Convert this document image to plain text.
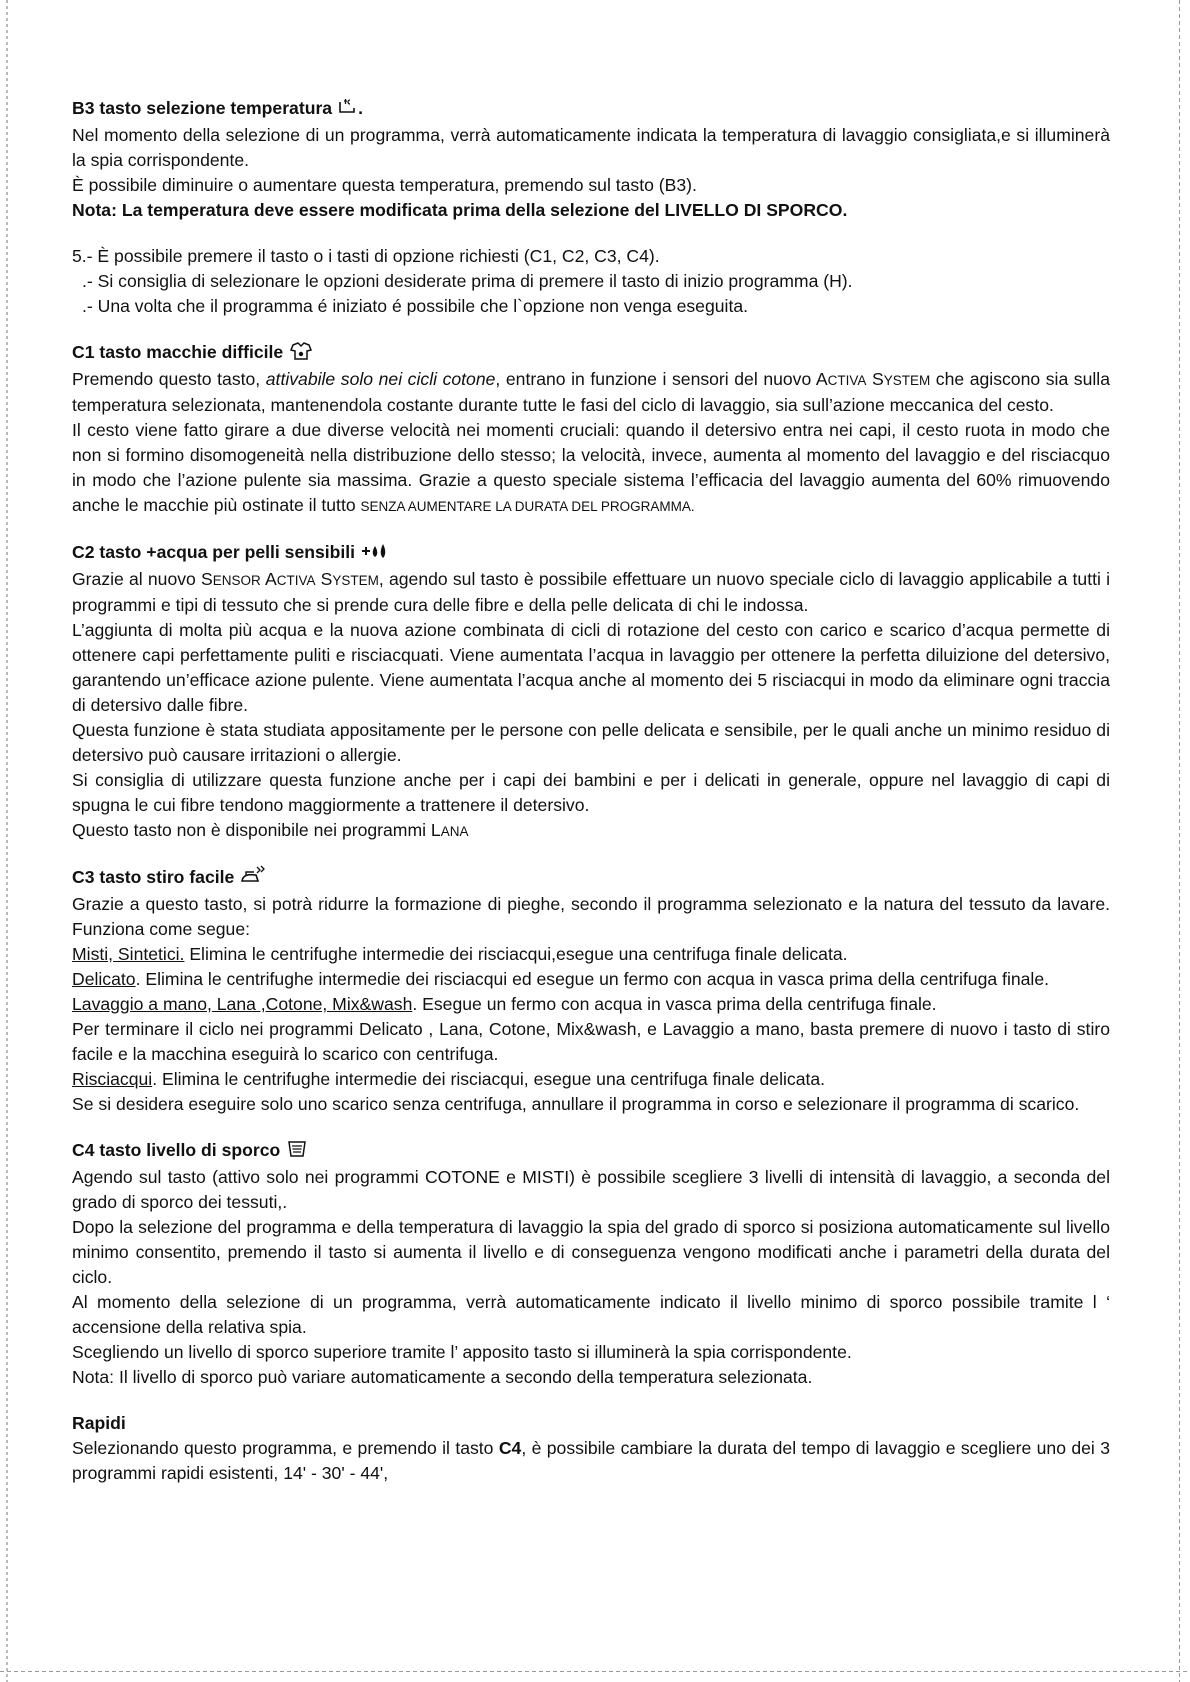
B3 tasto selezione temperatura .

Nel momento della selezione di un programma, verrà automaticamente indicata la temperatura di lavaggio consigliata,e si illuminerà la spia corrispondente.

È possibile diminuire o aumentare questa temperatura, premendo sul tasto (B3).

Nota: La temperatura deve essere modificata prima della selezione del LIVELLO DI SPORCO.

5.- È possibile premere il tasto o i tasti di opzione richiesti (C1, C2, C3, C4).

.- Si consiglia di selezionare le opzioni desiderate prima di premere il tasto di inizio programma (H).
.- Una volta che il programma é iniziato é possibile che l`opzione non venga eseguita.
C1 tasto macchie difficile

Premendo questo tasto, attivabile solo nei cicli cotone, entrano in funzione i sensori del nuovo ACTIVA SYSTEM che agiscono sia sulla temperatura selezionata, mantenendola costante durante tutte le fasi del ciclo di lavaggio, sia sull’azione meccanica del cesto.

Il cesto viene fatto girare a due diverse velocità nei momenti cruciali: quando il detersivo entra nei capi, il cesto ruota in modo che non si formino disomogeneità nella distribuzione dello stesso; la velocità, invece, aumenta al momento del lavaggio e del risciacquo in modo che l’azione pulente sia massima. Grazie a questo speciale sistema l’efficacia del lavaggio aumenta del 60% rimuovendo anche le macchie più ostinate il tutto SENZA AUMENTARE LA DURATA DEL PROGRAMMA.

C2 tasto +acqua per pelli sensibili

Grazie al nuovo SENSOR ACTIVA SYSTEM, agendo sul tasto è possibile effettuare un nuovo speciale ciclo di lavaggio applicabile a tutti i programmi e tipi di tessuto che si prende cura delle fibre e della pelle delicata di chi le indossa.

L’aggiunta di molta più acqua e la nuova azione combinata di cicli di rotazione del cesto con carico e scarico d’acqua permette di ottenere capi perfettamente puliti e risciacquati. Viene aumentata l’acqua in lavaggio per ottenere la perfetta diluizione del detersivo, garantendo un’efficace azione pulente. Viene aumentata l’acqua anche al momento dei 5 risciacqui in modo da eliminare ogni traccia di detersivo dalle fibre.

Questa funzione è stata studiata appositamente per le persone con pelle delicata e sensibile, per le quali anche un minimo residuo di detersivo può causare irritazioni o allergie.

Si consiglia di utilizzare questa funzione anche per i capi dei bambini e per i delicati in generale, oppure nel lavaggio di capi di spugna le cui fibre tendono maggiormente a trattenere il detersivo.

Questo tasto non è disponibile nei programmi LANA

C3 tasto stiro facile

Grazie a questo tasto, si potrà ridurre la formazione di pieghe, secondo il programma selezionato e la natura del tessuto da lavare. Funziona come segue:

Misti, Sintetici. Elimina le centrifughe intermedie dei risciacqui,esegue una centrifuga finale delicata.

Delicato. Elimina le centrifughe intermedie dei risciacqui ed esegue un fermo con acqua in vasca prima della centrifuga finale.

Lavaggio a mano, Lana ,Cotone, Mix&wash. Esegue un fermo con acqua in vasca prima della centrifuga finale.

Per terminare il ciclo nei programmi Delicato , Lana, Cotone, Mix&wash, e Lavaggio a mano, basta premere di nuovo i tasto di stiro facile e la macchina eseguirà lo scarico con centrifuga.

Risciacqui. Elimina le centrifughe intermedie dei risciacqui, esegue una centrifuga finale delicata.

Se si desidera eseguire solo uno scarico senza centrifuga, annullare il programma in corso e selezionare il programma di scarico.

C4 tasto livello di sporco

Agendo sul tasto (attivo solo nei programmi COTONE e MISTI) è possibile scegliere 3 livelli di intensità di lavaggio, a seconda del grado di sporco dei tessuti,.

Dopo la selezione del programma e della temperatura di lavaggio la spia del grado di sporco si posiziona automaticamente sul livello minimo consentito, premendo il tasto si aumenta il livello e di conseguenza vengono modificati anche i parametri della durata del ciclo.

Al momento della selezione di un programma, verrà automaticamente indicato il livello minimo di sporco possibile tramite l ‘ accensione della relativa spia.

Scegliendo un livello di sporco superiore tramite l’ apposito tasto si illuminerà la spia corrispondente.

Nota: Il livello di sporco può variare automaticamente a secondo della temperatura selezionata.

Rapidi

Selezionando questo programma, e premendo il tasto C4, è possibile cambiare la durata del tempo di lavaggio e scegliere uno dei 3 programmi rapidi esistenti, 14' - 30' - 44',
